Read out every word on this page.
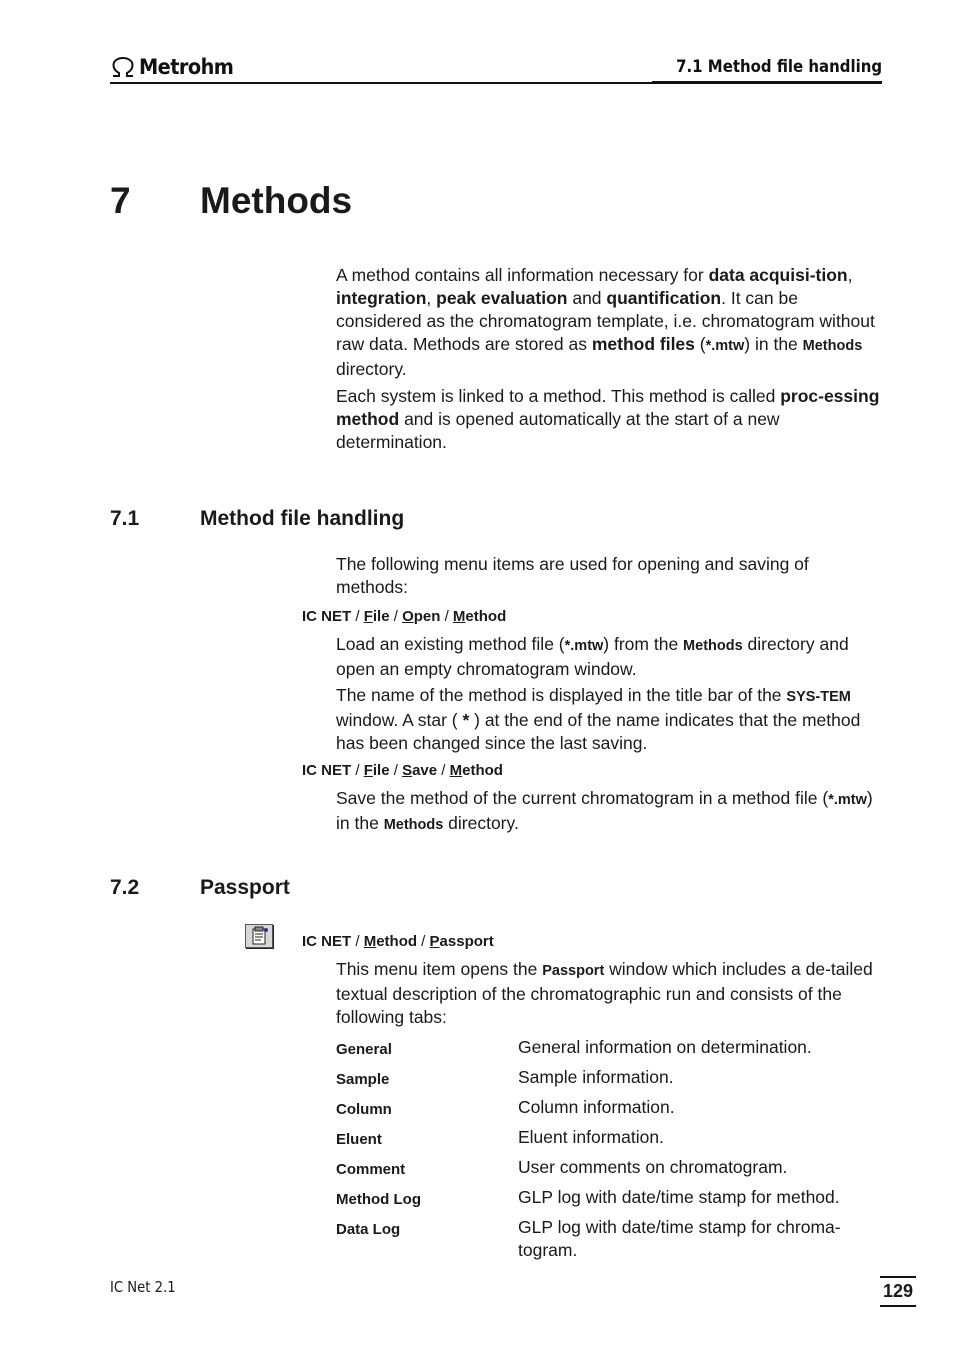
Metrohm	7.1 Method file handling
7 Methods

A method contains all information necessary for data acquisi-tion, integration, peak evaluation and quantification. It can be considered as the chromatogram template, i.e. chromatogram without raw data. Methods are stored as method files (*.mtw) in the Methods directory.

Each system is linked to a method. This method is called proc-essing method and is opened automatically at the start of a new determination.

7.1	Method file handling

The following menu items are used for opening and saving of methods:

IC NET / File / Open / Method

Load an existing method file (*.mtw) from the Methods directory and open an empty chromatogram window.

The name of the method is displayed in the title bar of the SYS-TEM window. A star ( * ) at the end of the name indicates that the method has been changed since the last saving.

IC NET / File / Save / Method

Save the method of the current chromatogram in a method file (*.mtw) in the Methods directory.

7.2	Passport
IC NET / Method / Passport

This menu item opens the Passport window which includes a de-tailed textual description of the chromatographic run and consists of the following tabs:

General	General information on determination.
Sample	Sample information.
Column	Column information.
Eluent	Eluent information.
Comment	User comments on chromatogram.
Method Log	GLP log with date/time stamp for method.
Data Log	GLP log with date/time stamp for chroma-togram.
IC Net 2.1	129
